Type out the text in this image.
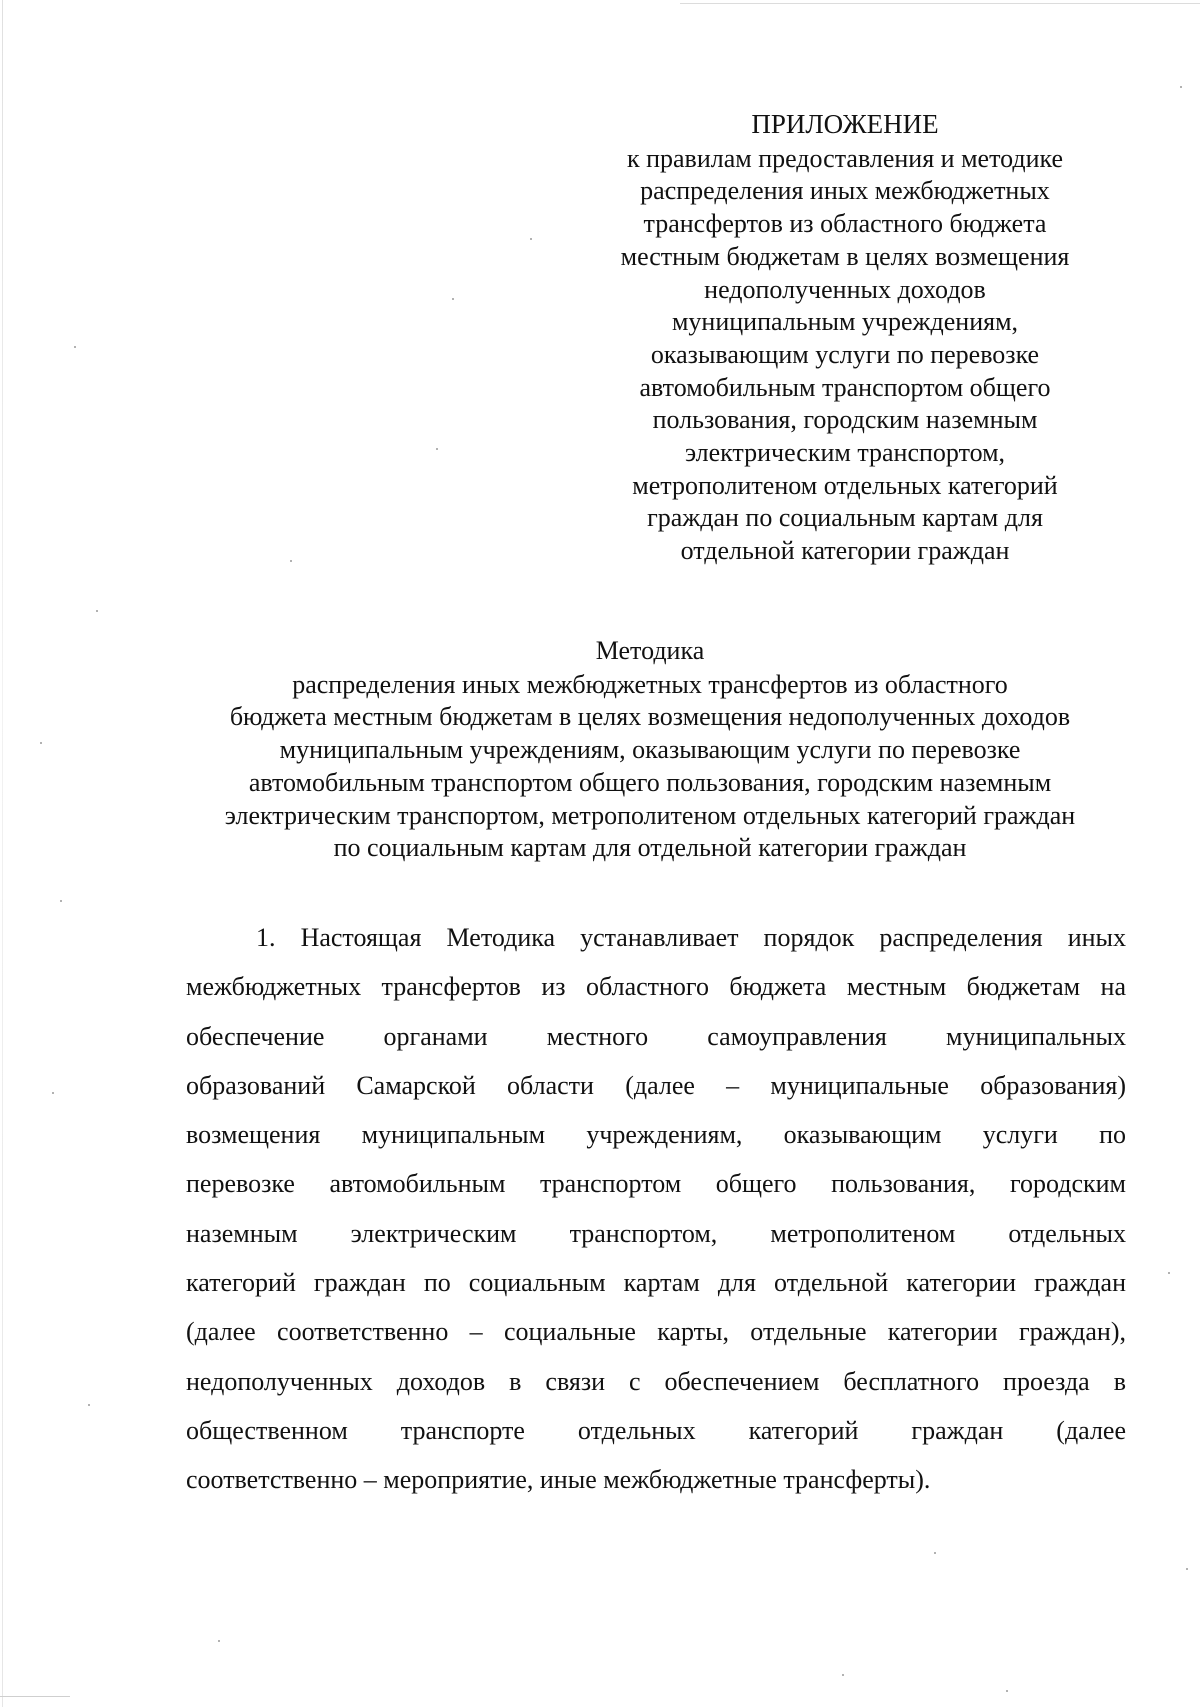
ПРИЛОЖЕНИЕ
к правилам предоставления и методике
распределения иных межбюджетных
трансфертов из областного бюджета
местным бюджетам в целях возмещения
недополученных доходов
муниципальным учреждениям,
оказывающим услуги по перевозке
автомобильным транспортом общего
пользования, городским наземным
электрическим транспортом,
метрополитеном отдельных категорий
граждан по социальным картам для
отдельной категории граждан
Методика
распределения иных межбюджетных трансфертов из областного
бюджета местным бюджетам в целях возмещения недополученных доходов
муниципальным учреждениям, оказывающим услуги по перевозке
автомобильным транспортом общего пользования, городским наземным
электрическим транспортом, метрополитеном отдельных категорий граждан
по социальным картам для отдельной категории граждан
1. Настоящая Методика устанавливает порядок распределения иных
межбюджетных трансфертов из областного бюджета местным бюджетам на
обеспечение органами местного самоуправления муниципальных
образований Самарской области (далее – муниципальные образования)
возмещения муниципальным учреждениям, оказывающим услуги по
перевозке автомобильным транспортом общего пользования, городским
наземным электрическим транспортом, метрополитеном отдельных
категорий граждан по социальным картам для отдельной категории граждан
(далее соответственно – социальные карты, отдельные категории граждан),
недополученных доходов в связи с обеспечением бесплатного проезда в
общественном транспорте отдельных категорий граждан (далее
соответственно – мероприятие, иные межбюджетные трансферты).
